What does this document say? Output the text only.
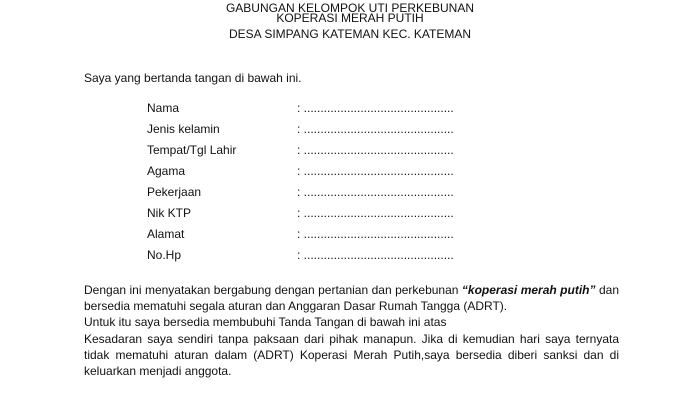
GABUNGAN KELOMPOK UTI PERKEBUNAN
KOPERASI MERAH PUTIH
DESA SIMPANG KATEMAN KEC. KATEMAN
Saya yang bertanda tangan di bawah ini.
Nama	: .............................................
Jenis kelamin	: .............................................
Tempat/Tgl Lahir	: .............................................
Agama	: .............................................
Pekerjaan	: .............................................
Nik KTP	: .............................................
Alamat	: .............................................
No.Hp	: .............................................

Dengan ini menyatakan bergabung dengan pertanian dan perkebunan “koperasi merah putih” dan bersedia mematuhi segala aturan dan Anggaran Dasar Rumah Tangga (ADRT).

Untuk itu saya bersedia membubuhi Tanda Tangan di bawah ini atas

Kesadaran saya sendiri tanpa paksaan dari pihak manapun. Jika di kemudian hari saya ternyata tidak mematuhi aturan dalam (ADRT) Koperasi Merah Putih,saya bersedia diberi sanksi dan di keluarkan menjadi anggota.
